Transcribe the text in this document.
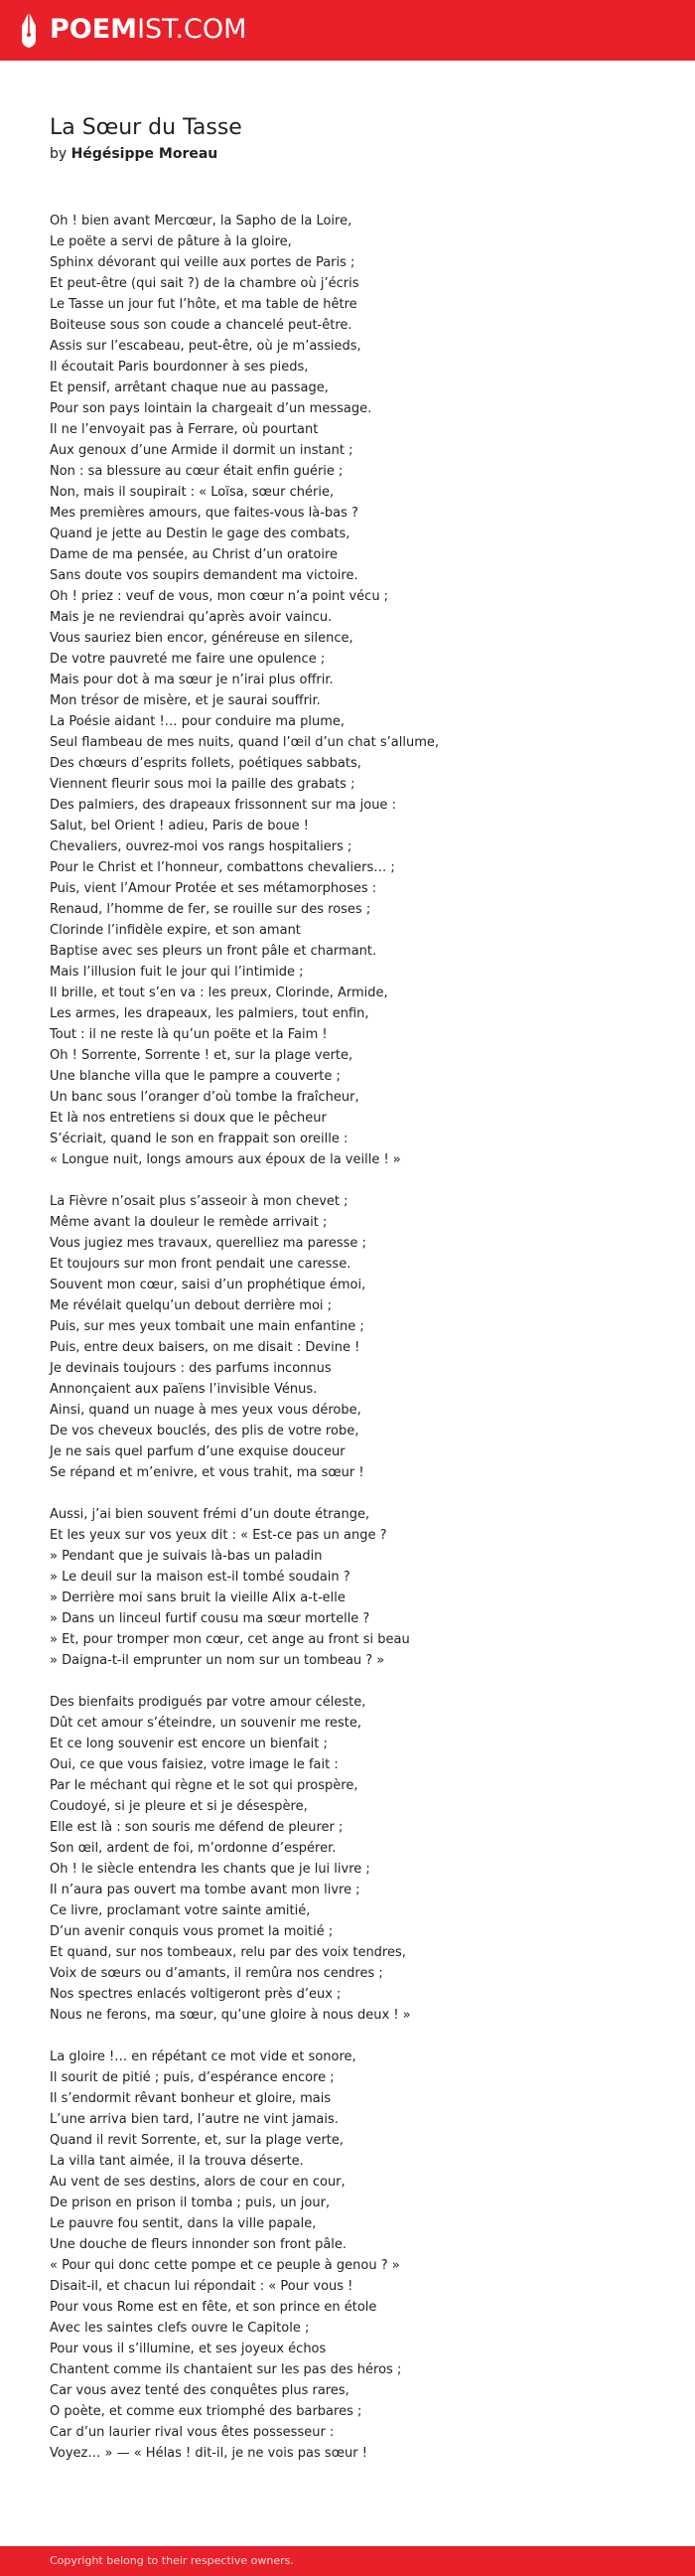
POEMIST.COM
La Sœur du Tasse
by Hégésippe Moreau
Oh ! bien avant Mercœur, la Sapho de la Loire,
Le poëte a servi de pâture à la gloire,
Sphinx dévorant qui veille aux portes de Paris ;
Et peut-être (qui sait ?) de la chambre où j’écris
Le Tasse un jour fut l’hôte, et ma table de hêtre
Boiteuse sous son coude a chancelé peut-être.
Assis sur l’escabeau, peut-être, où je m’assieds,
Il écoutait Paris bourdonner à ses pieds,
Et pensif, arrêtant chaque nue au passage,
Pour son pays lointain la chargeait d’un message.
Il ne l’envoyait pas à Ferrare, où pourtant
Aux genoux d’une Armide il dormit un instant ;
Non : sa blessure au cœur était enfin guérie ;
Non, mais il soupirait : « Loïsa, sœur chérie,
Mes premières amours, que faites-vous là-bas ?
Quand je jette au Destin le gage des combats,
Dame de ma pensée, au Christ d’un oratoire
Sans doute vos soupirs demandent ma victoire.
Oh ! priez : veuf de vous, mon cœur n’a point vécu ;
Mais je ne reviendrai qu’après avoir vaincu.
Vous sauriez bien encor, généreuse en silence,
De votre pauvreté me faire une opulence ;
Mais pour dot à ma sœur je n’irai plus offrir.
Mon trésor de misère, et je saurai souffrir.
La Poésie aidant !… pour conduire ma plume,
Seul flambeau de mes nuits, quand l’œil d’un chat s’allume,
Des chœurs d’esprits follets, poétiques sabbats,
Viennent fleurir sous moi la paille des grabats ;
Des palmiers, des drapeaux frissonnent sur ma joue :
Salut, bel Orient ! adieu, Paris de boue !
Chevaliers, ouvrez-moi vos rangs hospitaliers ;
Pour le Christ et l’honneur, combattons chevaliers… ;
Puis, vient l’Amour Protée et ses métamorphoses :
Renaud, l’homme de fer, se rouille sur des roses ;
Clorinde l’infidèle expire, et son amant
Baptise avec ses pleurs un front pâle et charmant.
Mais l’illusion fuit le jour qui l’intimide ;
Il brille, et tout s’en va : les preux, Clorinde, Armide,
Les armes, les drapeaux, les palmiers, tout enfin,
Tout : il ne reste là qu’un poëte et la Faim !
Oh ! Sorrente, Sorrente ! et, sur la plage verte,
Une blanche villa que le pampre a couverte ;
Un banc sous l’oranger d’où tombe la fraîcheur,
Et là nos entretiens si doux que le pêcheur
S’écriait, quand le son en frappait son oreille :
« Longue nuit, longs amours aux époux de la veille ! »
La Fièvre n’osait plus s’asseoir à mon chevet ;
Même avant la douleur le remède arrivait ;
Vous jugiez mes travaux, querelliez ma paresse ;
Et toujours sur mon front pendait une caresse.
Souvent mon cœur, saisi d’un prophétique émoi,
Me révélait quelqu’un debout derrière moi ;
Puis, sur mes yeux tombait une main enfantine ;
Puis, entre deux baisers, on me disait : Devine !
Je devinais toujours : des parfums inconnus
Annonçaient aux païens l’invisible Vénus.
Ainsi, quand un nuage à mes yeux vous dérobe,
De vos cheveux bouclés, des plis de votre robe,
Je ne sais quel parfum d’une exquise douceur
Se répand et m’enivre, et vous trahit, ma sœur !
Aussi, j’ai bien souvent frémi d’un doute étrange,
Et les yeux sur vos yeux dit : « Est-ce pas un ange ?
» Pendant que je suivais là-bas un paladin
» Le deuil sur la maison est-il tombé soudain ?
» Derrière moi sans bruit la vieille Alix a-t-elle
» Dans un linceul furtif cousu ma sœur mortelle ?
» Et, pour tromper mon cœur, cet ange au front si beau
» Daigna-t-il emprunter un nom sur un tombeau ? »
Des bienfaits prodigués par votre amour céleste,
Dût cet amour s’éteindre, un souvenir me reste,
Et ce long souvenir est encore un bienfait ;
Oui, ce que vous faisiez, votre image le fait :
Par le méchant qui règne et le sot qui prospère,
Coudoyé, si je pleure et si je désespère,
Elle est là : son souris me défend de pleurer ;
Son œil, ardent de foi, m’ordonne d’espérer.
Oh ! le siècle entendra les chants que je lui livre ;
Il n’aura pas ouvert ma tombe avant mon livre ;
Ce livre, proclamant votre sainte amitié,
D’un avenir conquis vous promet la moitié ;
Et quand, sur nos tombeaux, relu par des voix tendres,
Voix de sœurs ou d’amants, il remûra nos cendres ;
Nos spectres enlacés voltigeront près d’eux ;
Nous ne ferons, ma sœur, qu’une gloire à nous deux ! »
La gloire !… en répétant ce mot vide et sonore,
Il sourit de pitié ; puis, d’espérance encore ;
Il s’endormit rêvant bonheur et gloire, mais
L’une arriva bien tard, l’autre ne vint jamais.
Quand il revit Sorrente, et, sur la plage verte,
La villa tant aimée, il la trouva déserte.
Au vent de ses destins, alors de cour en cour,
De prison en prison il tomba ; puis, un jour,
Le pauvre fou sentit, dans la ville papale,
Une douche de fleurs innonder son front pâle.
« Pour qui donc cette pompe et ce peuple à genou ? »
Disait-il, et chacun lui répondait : « Pour vous !
Pour vous Rome est en fête, et son prince en étole
Avec les saintes clefs ouvre le Capitole ;
Pour vous il s’illumine, et ses joyeux échos
Chantent comme ils chantaient sur les pas des héros ;
Car vous avez tenté des conquêtes plus rares,
O poète, et comme eux triomphé des barbares ;
Car d’un laurier rival vous êtes possesseur :
Voyez… » — « Hélas ! dit-il, je ne vois pas sœur !
Copyright belong to their respective owners.
